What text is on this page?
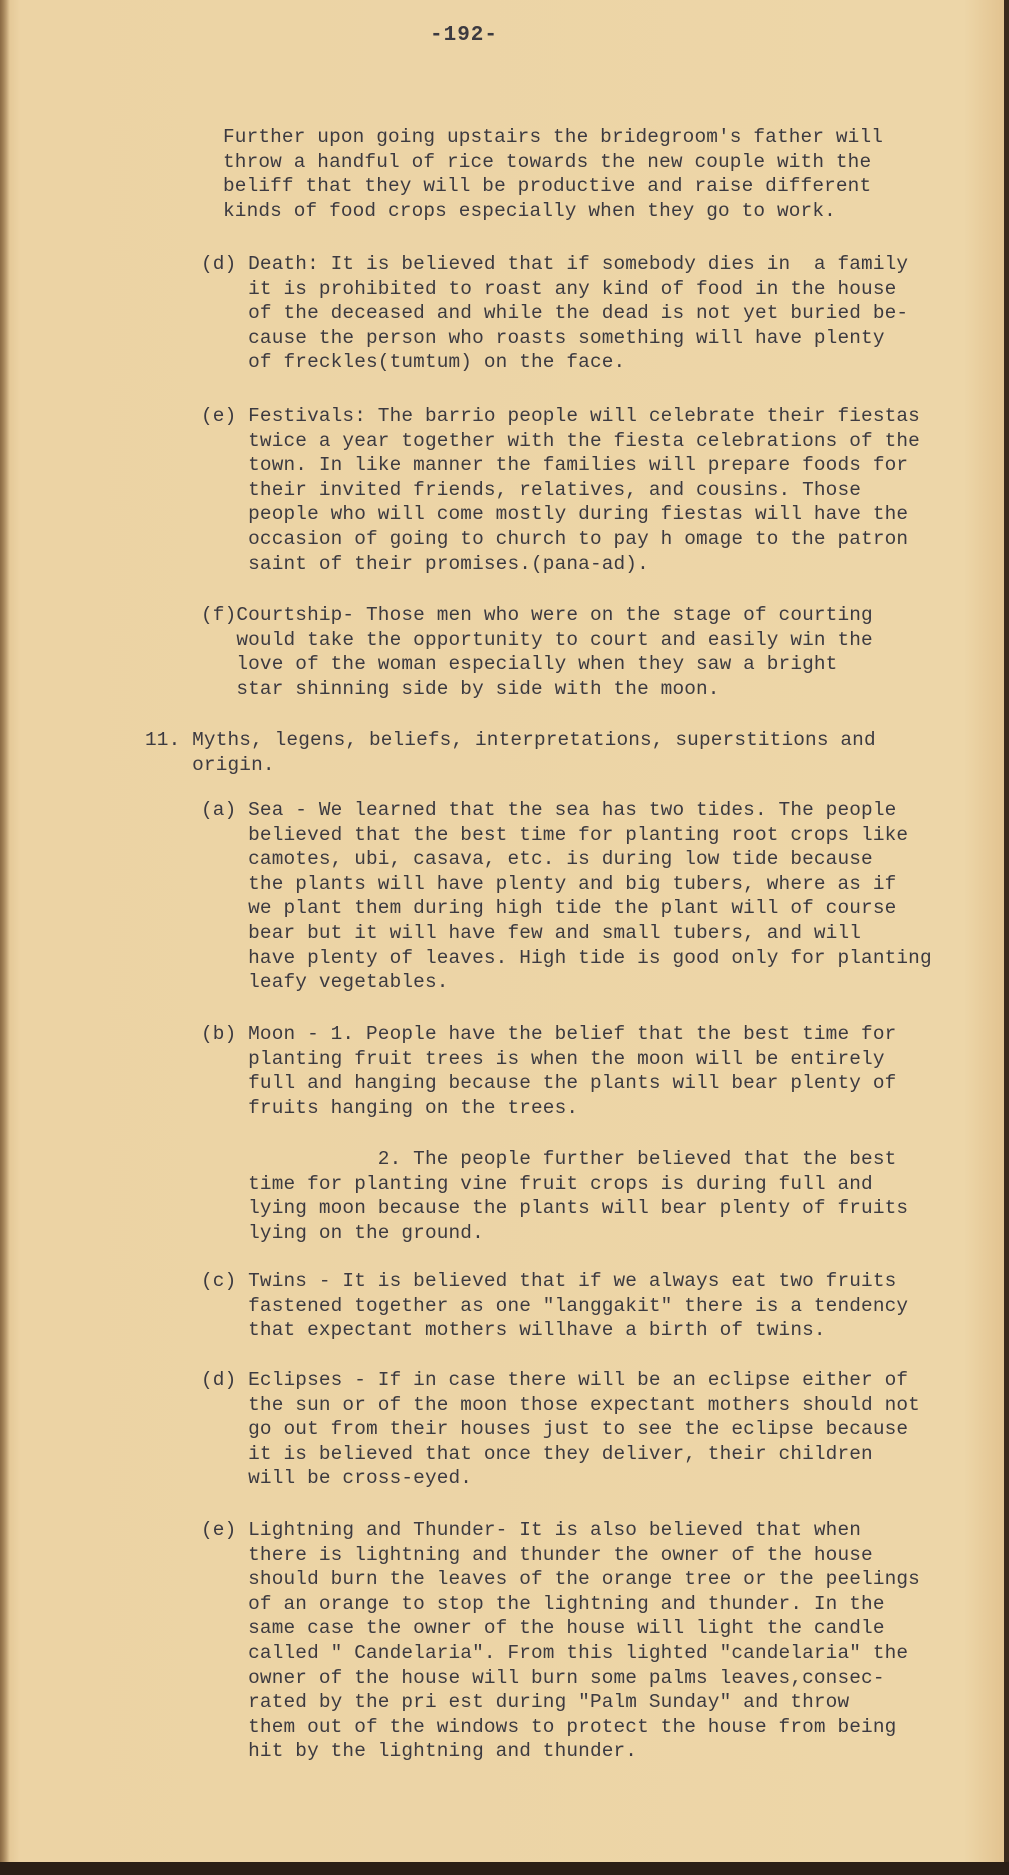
-192-
Further upon going upstairs the bridegroom's father will
throw a handful of rice towards the new couple with the
beliff that they will be productive and raise different
kinds of food crops especially when they go to work.
(d) Death: It is believed that if somebody dies in  a family
it is prohibited to roast any kind of food in the house
of the deceased and while the dead is not yet buried be-
cause the person who roasts something will have plenty
of freckles(tumtum) on the face.
(e) Festivals: The barrio people will celebrate their fiestas
twice a year together with the fiesta celebrations of the
town. In like manner the families will prepare foods for
their invited friends, relatives, and cousins. Those
people who will come mostly during fiestas will have the
occasion of going to church to pay h omage to the patron
saint of their promises.(pana-ad).
(f)Courtship- Those men who were on the stage of courting
would take the opportunity to court and easily win the
love of the woman especially when they saw a bright
star shinning side by side with the moon.
11. Myths, legens, beliefs, interpretations, superstitions and
origin.
(a) Sea - We learned that the sea has two tides. The people
believed that the best time for planting root crops like
camotes, ubi, casava, etc. is during low tide because
the plants will have plenty and big tubers, where as if
we plant them during high tide the plant will of course
bear but it will have few and small tubers, and will
have plenty of leaves. High tide is good only for planting
leafy vegetables.
(b) Moon - 1. People have the belief that the best time for
planting fruit trees is when the moon will be entirely
full and hanging because the plants will bear plenty of
fruits hanging on the trees.
2. The people further believed that the best
time for planting vine fruit crops is during full and
lying moon because the plants will bear plenty of fruits
lying on the ground.
(c) Twins - It is believed that if we always eat two fruits
fastened together as one "langgakit" there is a tendency
that expectant mothers willhave a birth of twins.
(d) Eclipses - If in case there will be an eclipse either of
the sun or of the moon those expectant mothers should not
go out from their houses just to see the eclipse because
it is believed that once they deliver, their children
will be cross-eyed.
(e) Lightning and Thunder- It is also believed that when
there is lightning and thunder the owner of the house
should burn the leaves of the orange tree or the peelings
of an orange to stop the lightning and thunder. In the
same case the owner of the house will light the candle
called " Candelaria". From this lighted "candelaria" the
owner of the house will burn some palms leaves,consec-
rated by the pri est during "Palm Sunday" and throw
them out of the windows to protect the house from being
hit by the lightning and thunder.
